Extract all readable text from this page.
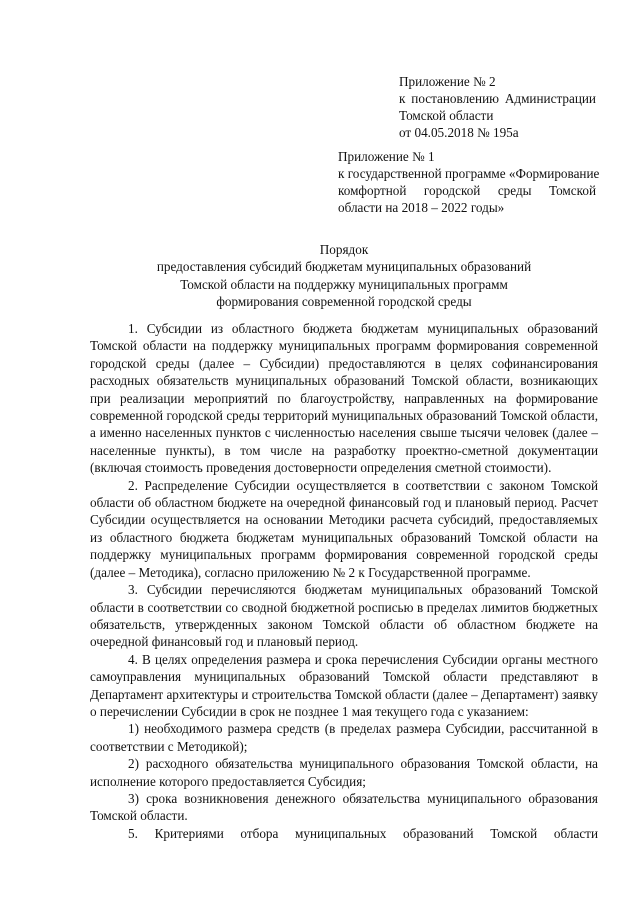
Приложение № 2
к постановлению Администрации
Томской области
от 04.05.2018 № 195а
Приложение № 1
к государственной программе «Формирование
комфортной городской среды Томской
области на 2018 – 2022 годы»
Порядок
предоставления субсидий бюджетам муниципальных образований
Томской области на поддержку муниципальных программ
формирования современной городской среды

1. Субсидии из областного бюджета бюджетам муниципальных образований Томской области на поддержку муниципальных программ формирования современной городской среды (далее – Субсидии) предоставляются в целях софинансирования расходных обязательств муниципальных образований Томской области, возникающих при реализации мероприятий по благоустройству, направленных на формирование современной городской среды территорий муниципальных образований Томской области, а именно населенных пунктов с численностью населения свыше тысячи человек (далее – населенные пункты), в том числе на разработку проектно-сметной документации (включая стоимость проведения достоверности определения сметной стоимости).

2. Распределение Субсидии осуществляется в соответствии с законом Томской области об областном бюджете на очередной финансовый год и плановый период. Расчет Субсидии осуществляется на основании Методики расчета субсидий, предоставляемых из областного бюджета бюджетам муниципальных образований Томской области на поддержку муниципальных программ формирования современной городской среды (далее – Методика), согласно приложению № 2 к Государственной программе.

3. Субсидии перечисляются бюджетам муниципальных образований Томской области в соответствии со сводной бюджетной росписью в пределах лимитов бюджетных обязательств, утвержденных законом Томской области об областном бюджете на очередной финансовый год и плановый период.

4. В целях определения размера и срока перечисления Субсидии органы местного самоуправления муниципальных образований Томской области представляют в Департамент архитектуры и строительства Томской области (далее – Департамент) заявку о перечислении Субсидии в срок не позднее 1 мая текущего года с указанием:

1) необходимого размера средств (в пределах размера Субсидии, рассчитанной в соответствии с Методикой);

2) расходного обязательства муниципального образования Томской области, на исполнение которого предоставляется Субсидия;

3) срока возникновения денежного обязательства муниципального образования Томской области.

5. Критериями отбора муниципальных образований Томской области
